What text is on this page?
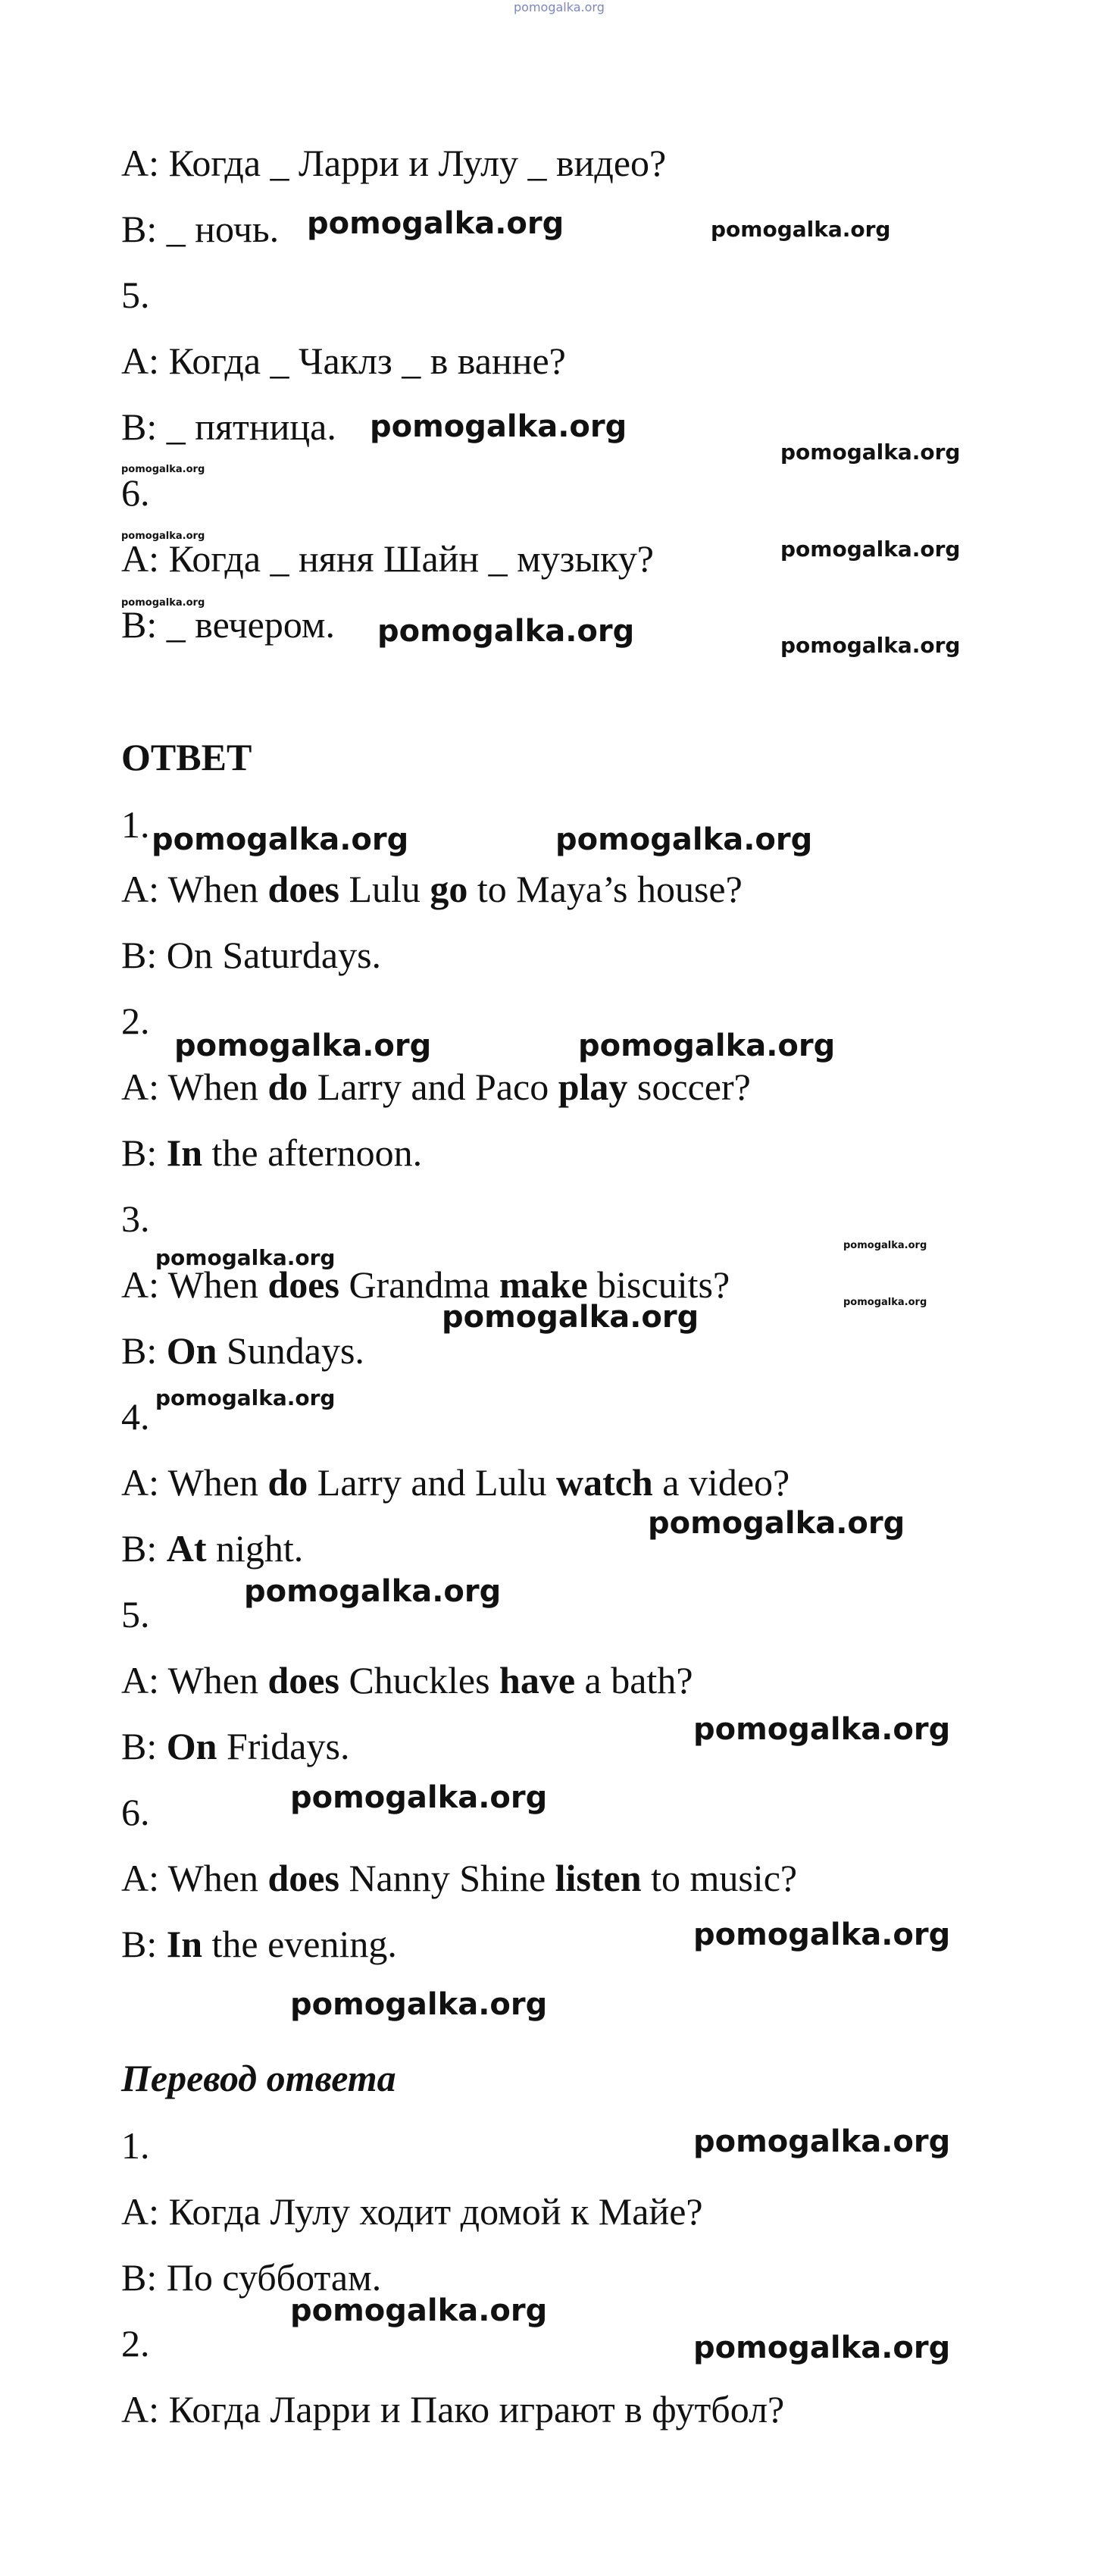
pomogalka.org
A: Когда _ Ларри и Лулу _ видео?
B: _ ночь.
5.
A: Когда _ Чаклз _ в ванне?
B: _ пятница.
6.
A: Когда _ няня Шайн _ музыку?
B: _ вечером.
ОТВЕТ
1.
A: When does Lulu go to Maya’s house?
B: On Saturdays.
2.
A: When do Larry and Paco play soccer?
B: In the afternoon.
3.
A: When does Grandma make biscuits?
B: On Sundays.
4.
A: When do Larry and Lulu watch a video?
B: At night.
5.
A: When does Chuckles have a bath?
B: On Fridays.
6.
A: When does Nanny Shine listen to music?
B: In the evening.
Перевод ответа
1.
A: Когда Лулу ходит домой к Майе?
B: По субботам.
2.
A: Когда Ларри и Пако играют в футбол?
pomogalka.org	pomogalka.org
pomogalka.org
pomogalka.org
pomogalka.org
pomogalka.org
pomogalka.org
pomogalka.org
pomogalka.org	pomogalka.org
pomogalka.org	pomogalka.org
pomogalka.org	pomogalka.org
pomogalka.org
pomogalka.org
pomogalka.org
pomogalka.org
pomogalka.org
pomogalka.org
pomogalka.org
pomogalka.org
pomogalka.org
pomogalka.org
pomogalka.org
pomogalka.org
pomogalka.org
pomogalka.org
